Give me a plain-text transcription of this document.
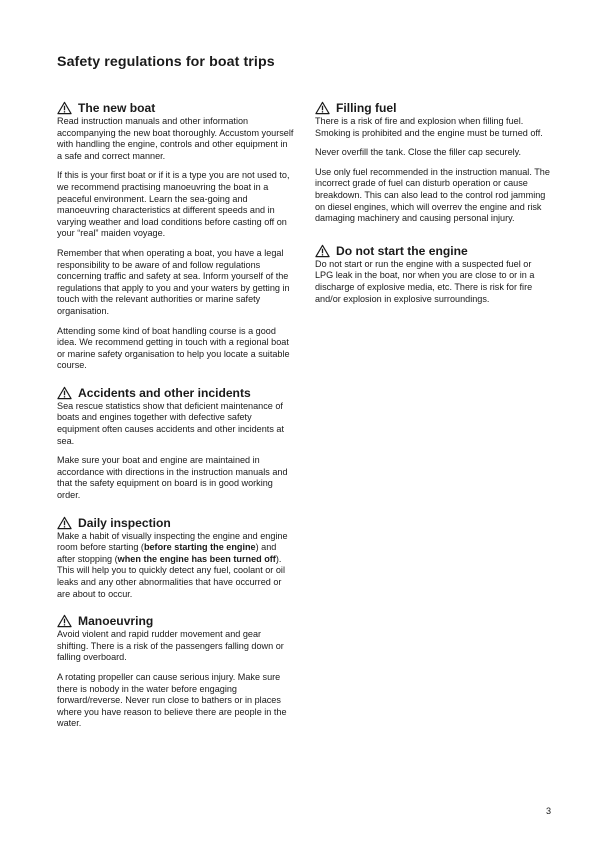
Safety regulations for boat trips
The new boat

Read instruction manuals and other information accompanying the new boat thoroughly. Accustom yourself with handling the engine, controls and other equipment in a safe and correct manner.

If this is your first boat or if it is a type you are not used to, we recommend practising manoeuvring the boat in a peaceful environment. Learn the sea-going and manoeuvring characteristics at different speeds and in varying weather and load conditions before casting off on your “real” maiden voyage.

Remember that when operating a boat, you have a legal responsibility to be aware of and follow regulations concerning traffic and safety at sea. Inform yourself of the regulations that apply to you and your waters by getting in touch with the relevant authorities or marine safety organisation.

Attending some kind of boat handling course is a good idea. We recommend getting in touch with a regional boat or marine safety organisation to help you locate a suitable course.

Accidents and other incidents

Sea rescue statistics show that deficient maintenance of boats and engines together with defective safety equipment often causes accidents and other incidents at sea.

Make sure your boat and engine are maintained in accordance with directions in the instruction manuals and that the safety equipment on board is in good working order.

Daily inspection

Make a habit of visually inspecting the engine and engine room before starting (before starting the engine) and after stopping (when the engine has been turned off). This will help you to quickly detect any fuel, coolant or oil leaks and any other abnormalities that have occurred or are about to occur.

Manoeuvring

Avoid violent and rapid rudder movement and gear shifting. There is a risk of the passengers falling down or falling overboard.

A rotating propeller can cause serious injury. Make sure there is nobody in the water before engaging forward/reverse. Never run close to bathers or in places where you have reason to believe there are people in the water.

Filling fuel

There is a risk of fire and explosion when filling fuel. Smoking is prohibited and the engine must be turned off.

Never overfill the tank. Close the filler cap securely.

Use only fuel recommended in the instruction manual. The incorrect grade of fuel can disturb operation or cause breakdown. This can also lead to the control rod jamming on diesel engines, which will overrev the engine and risk damaging machinery and causing personal injury.

Do not start the engine

Do not start or run the engine with a suspected fuel or LPG leak in the boat, nor when you are close to or in a discharge of explosive media, etc. There is risk for fire and/or explosion in explosive surroundings.

3
